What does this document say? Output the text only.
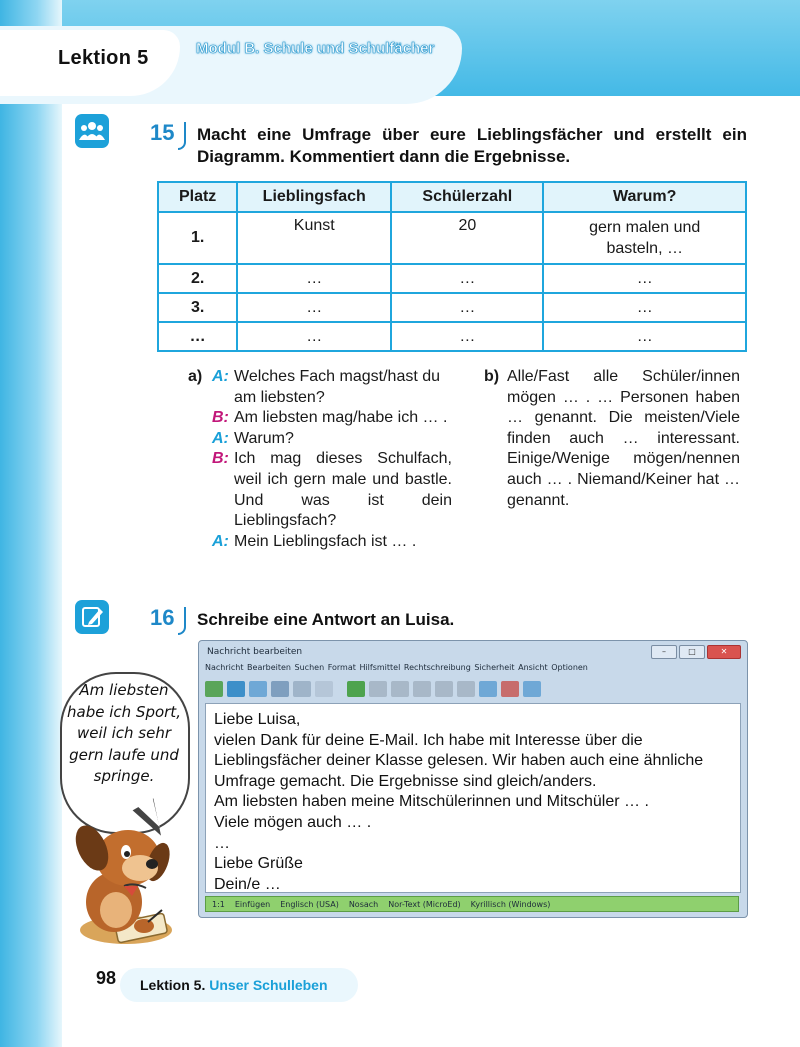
Lektion 5	Modul B. Schule und Schulfächer
15 Macht eine Umfrage über eure Lieblingsfächer und erstellt ein
Diagramm. Kommentiert dann die Ergebnisse.
Platz	Lieblingsfach	Schülerzahl	Warum?
1.	Kunst	20	gern malen und basteln, …
2.	…	…	…
3.	…	…	…
…	…	…	…
a) A: Welches Fach magst/hast du am liebsten?
B: Am liebsten mag/habe ich … .
A: Warum?
B: Ich mag dieses Schulfach, weil ich gern male und bastle. Und was ist dein Lieblingsfach?
A: Mein Lieblingsfach ist … .
b) Alle/Fast alle Schüler/innen mögen … . … Personen haben … genannt. Die meisten/Viele finden auch … interessant. Einige/Wenige mögen/nennen auch … . Niemand/Keiner hat … genannt.
16 Schreibe eine Antwort an Luisa.
Nachricht bearbeiten	–	□	✕
Nachricht Bearbeiten Suchen Format Hilfsmittel Rechtschreibung Sicherheit Ansicht Optionen
Liebe Luisa,
vielen Dank für deine E-Mail. Ich habe mit Interesse über die
Lieblingsfächer deiner Klasse gelesen. Wir haben auch eine ähnliche
Umfrage gemacht. Die Ergebnisse sind gleich/anders.
Am liebsten haben meine Mitschülerinnen und Mitschüler … .
Viele mögen auch … .
…
Liebe Grüße
Dein/e …
1:1 Einfügen Englisch (USA) Nosach Nor-Text (MicroEd) Kyrillisch (Windows)
Am liebsten habe ich Sport, weil ich sehr gern laufe und springe.
98 Lektion 5. Unser Schulleben
